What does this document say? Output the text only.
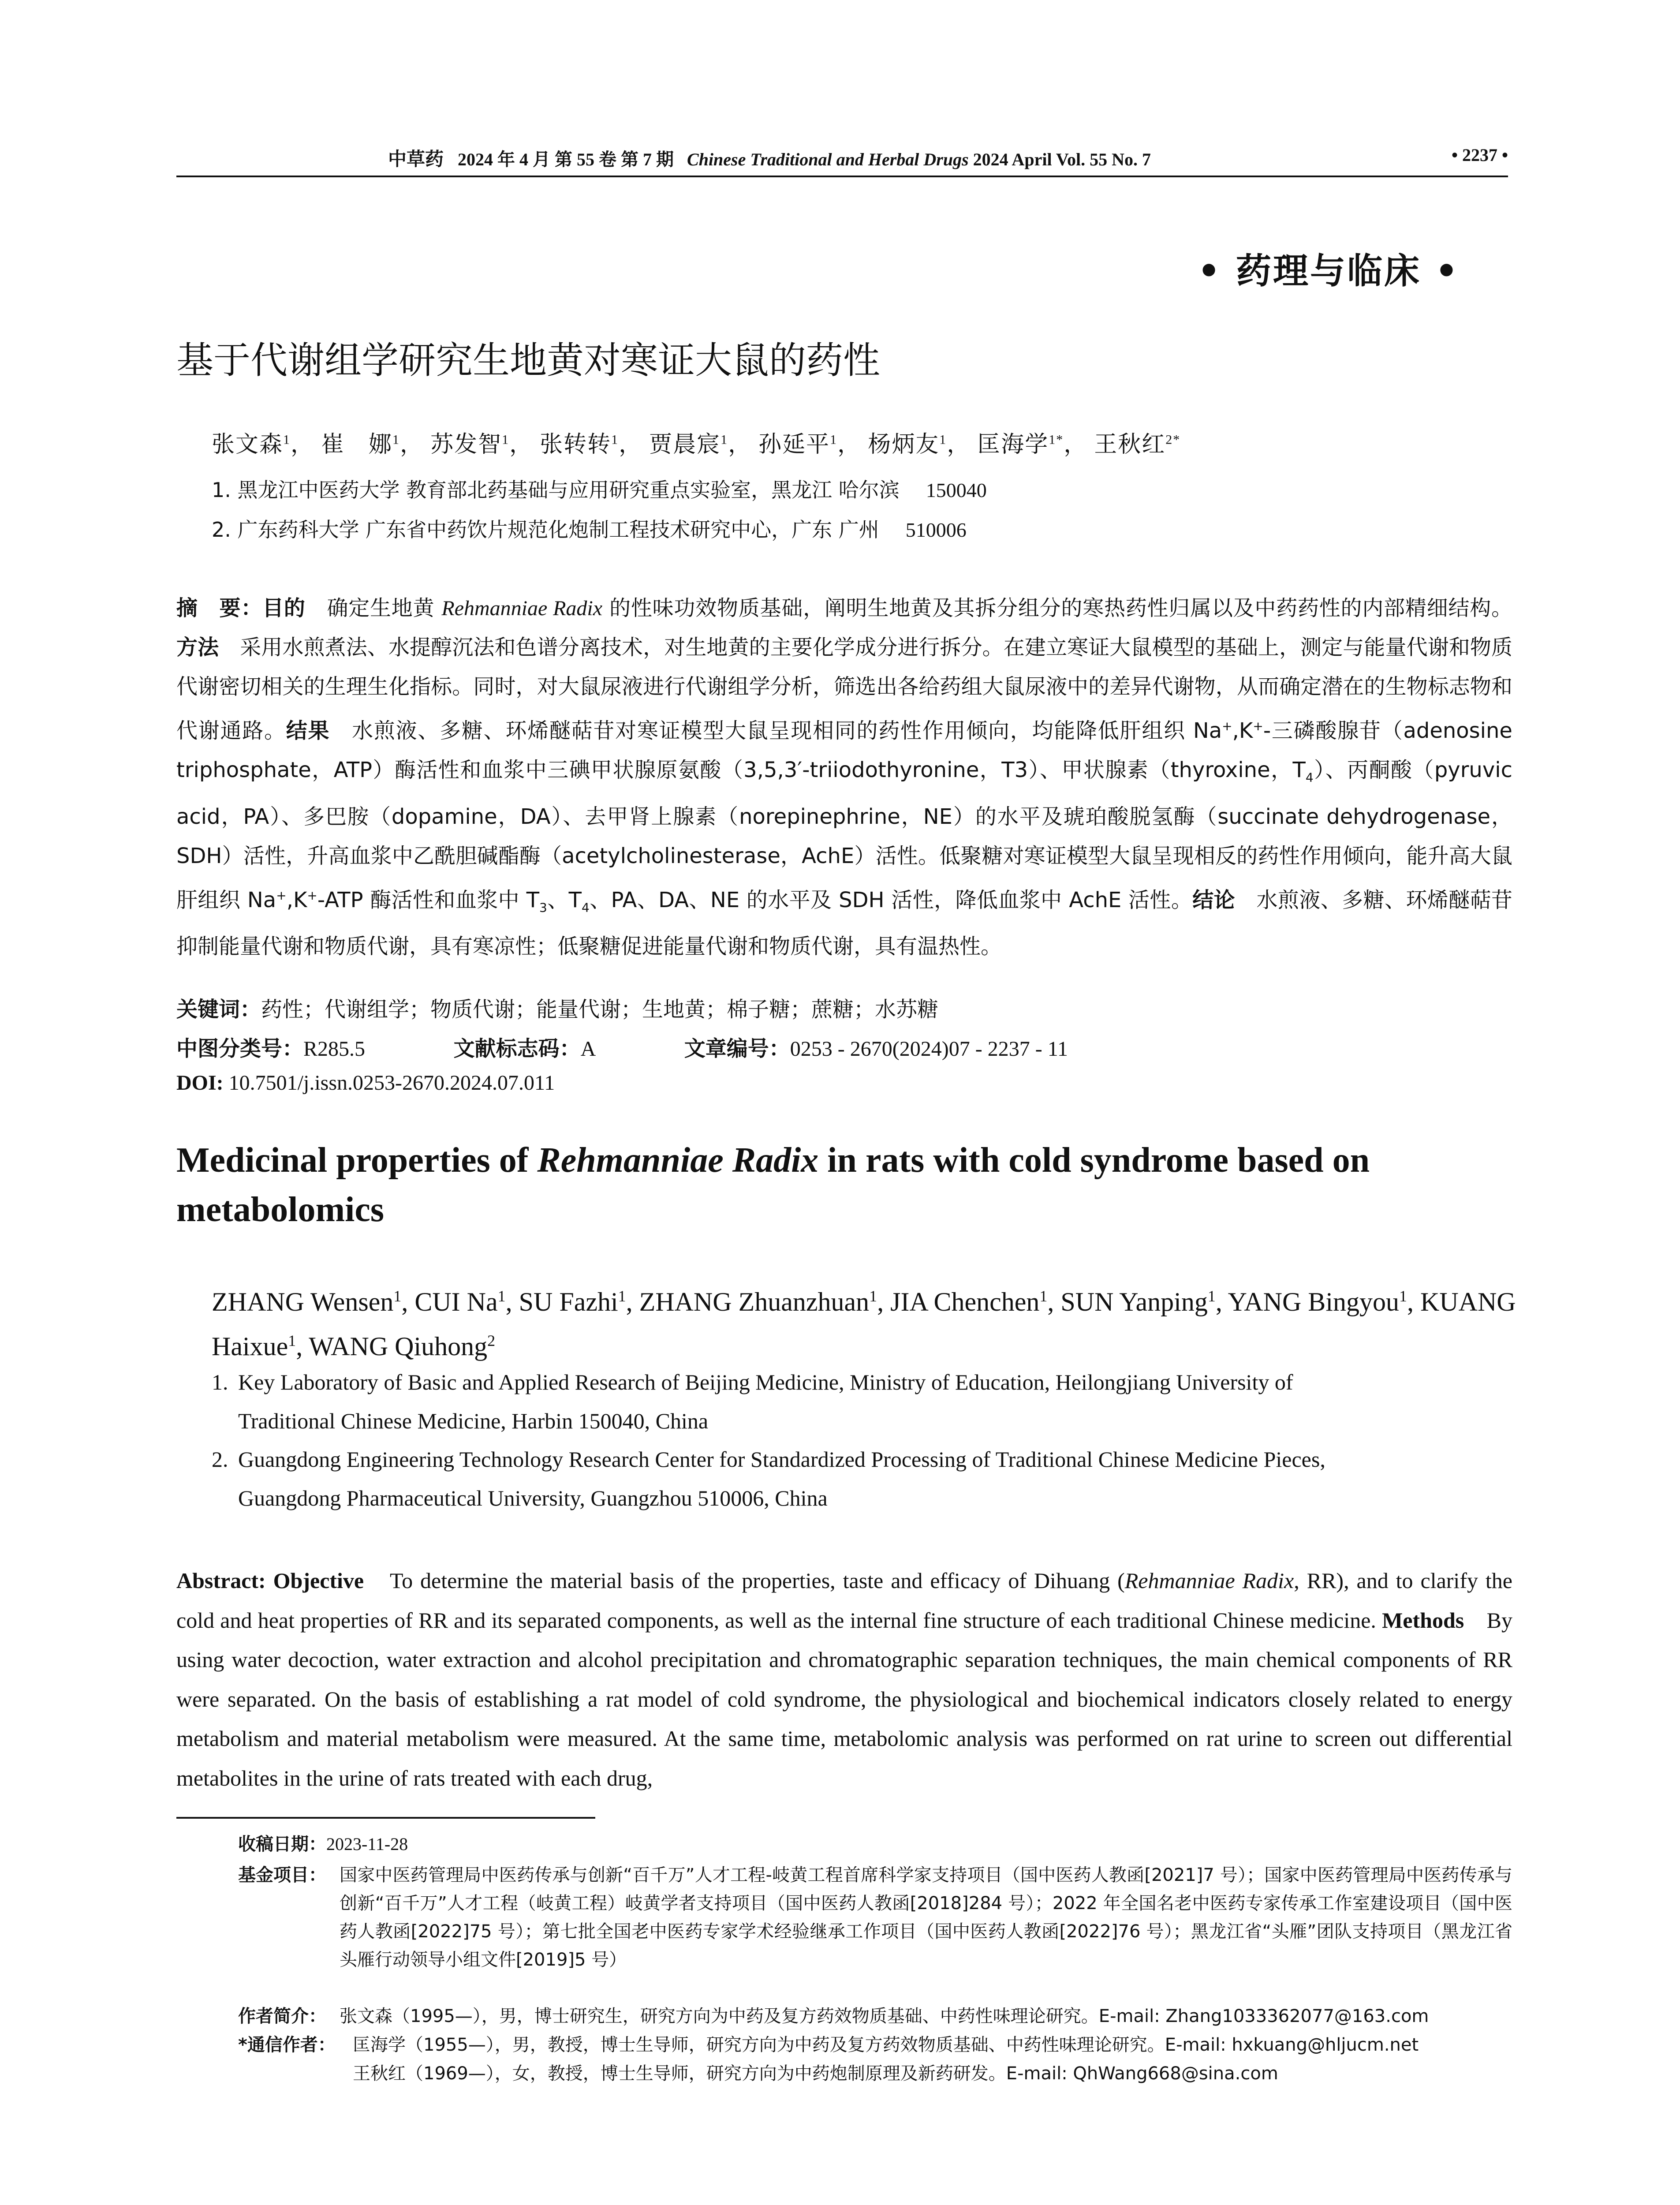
中草药 2024 年 4 月 第 55 卷 第 7 期 Chinese Traditional and Herbal Drugs 2024 April Vol. 55 No. 7	• 2237 •
• 药理与临床 •
基于代谢组学研究生地黄对寒证大鼠的药性
张文森$^1$， 崔　娜$^1$， 苏发智$^1$， 张转转$^1$， 贾晨宸$^1$， 孙延平$^1$， 杨炳友$^1$， 匡海学$^{1*}$， 王秋红$^{2*}$
1. 黑龙江中医药大学 教育部北药基础与应用研究重点实验室，黑龙江 哈尔滨 150040
2. 广东药科大学 广东省中药饮片规范化炮制工程技术研究中心，广东 广州 510006
摘　要：目的　确定生地黄 Rehmanniae Radix 的性味功效物质基础，阐明生地黄及其拆分组分的寒热药性归属以及中药药性的内部精细结构。方法　采用水煎煮法、水提醇沉法和色谱分离技术，对生地黄的主要化学成分进行拆分。在建立寒证大鼠模型的基础上，测定与能量代谢和物质代谢密切相关的生理生化指标。同时，对大鼠尿液进行代谢组学分析，筛选出各给药组大鼠尿液中的差异代谢物，从而确定潜在的生物标志物和代谢通路。结果　水煎液、多糖、环烯醚萜苷对寒证模型大鼠呈现相同的药性作用倾向，均能降低肝组织 Na+,K+-三磷酸腺苷（adenosine triphosphate，ATP）酶活性和血浆中三碘甲状腺原氨酸（3,5,3′-triiodothyronine，T3）、甲状腺素（thyroxine，$T_4$）、丙酮酸（pyruvic acid，PA）、多巴胺（dopamine，DA）、去甲肾上腺素（norepinephrine，NE）的水平及琥珀酸脱氢酶（succinate dehydrogenase，SDH）活性，升高血浆中乙酰胆碱酯酶（acetylcholinesterase，AchE）活性。低聚糖对寒证模型大鼠呈现相反的药性作用倾向，能升高大鼠肝组织 Na+,K+-ATP 酶活性和血浆中 $T_3$、$T_4$、PA、DA、NE 的水平及 SDH 活性，降低血浆中 AchE 活性。结论　水煎液、多糖、环烯醚萜苷抑制能量代谢和物质代谢，具有寒凉性；低聚糖促进能量代谢和物质代谢，具有温热性。
关键词：药性；代谢组学；物质代谢；能量代谢；生地黄；棉子糖；蔗糖；水苏糖
中图分类号：R285.5	文献标志码：A	文章编号：0253 - 2670(2024)07 - 2237 - 11
DOI: 10.7501/j.issn.0253-2670.2024.07.011
Medicinal properties of Rehmanniae Radix in rats with cold syndrome based on metabolomics
ZHANG Wensen$^1$, CUI Na$^1$, SU Fazhi$^1$, ZHANG Zhuanzhuan$^1$, JIA Chenchen$^1$, SUN Yanping$^1$, YANG Bingyou$^1$, KUANG Haixue$^1$, WANG Qiuhong$^2$
1. Key Laboratory of Basic and Applied Research of Beijing Medicine, Ministry of Education, Heilongjiang University of
Traditional Chinese Medicine, Harbin 150040, China
2. Guangdong Engineering Technology Research Center for Standardized Processing of Traditional Chinese Medicine Pieces,
Guangdong Pharmaceutical University, Guangzhou 510006, China
Abstract: Objective　To determine the material basis of the properties, taste and efficacy of Dihuang (Rehmanniae Radix, RR), and to clarify the cold and heat properties of RR and its separated components, as well as the internal fine structure of each traditional Chinese medicine. Methods　By using water decoction, water extraction and alcohol precipitation and chromatographic separation techniques, the main chemical components of RR were separated. On the basis of establishing a rat model of cold syndrome, the physiological and biochemical indicators closely related to energy metabolism and material metabolism were measured. At the same time, metabolomic analysis was performed on rat urine to screen out differential metabolites in the urine of rats treated with each drug,
收稿日期：2023-11-28
基金项目： 国家中医药管理局中医药传承与创新“百千万”人才工程-岐黄工程首席科学家支持项目（国中医药人教函[2021]7 号）；国家中医药管理局中医药传承与创新“百千万”人才工程（岐黄工程）岐黄学者支持项目（国中医药人教函[2018]284 号）；2022 年全国名老中医药专家传承工作室建设项目（国中医药人教函[2022]75 号）；第七批全国老中医药专家学术经验继承工作项目（国中医药人教函[2022]76 号）；黑龙江省“头雁”团队支持项目（黑龙江省头雁行动领导小组文件[2019]5 号）
作者简介： 张文森（1995—），男，博士研究生，研究方向为中药及复方药效物质基础、中药性味理论研究。E-mail: Zhang1033362077@163.com
*通信作者： 匡海学（1955—），男，教授，博士生导师，研究方向为中药及复方药效物质基础、中药性味理论研究。E-mail: hxkuang@hljucm.net
王秋红（1969—），女，教授，博士生导师，研究方向为中药炮制原理及新药研发。E-mail: QhWang668@sina.com
